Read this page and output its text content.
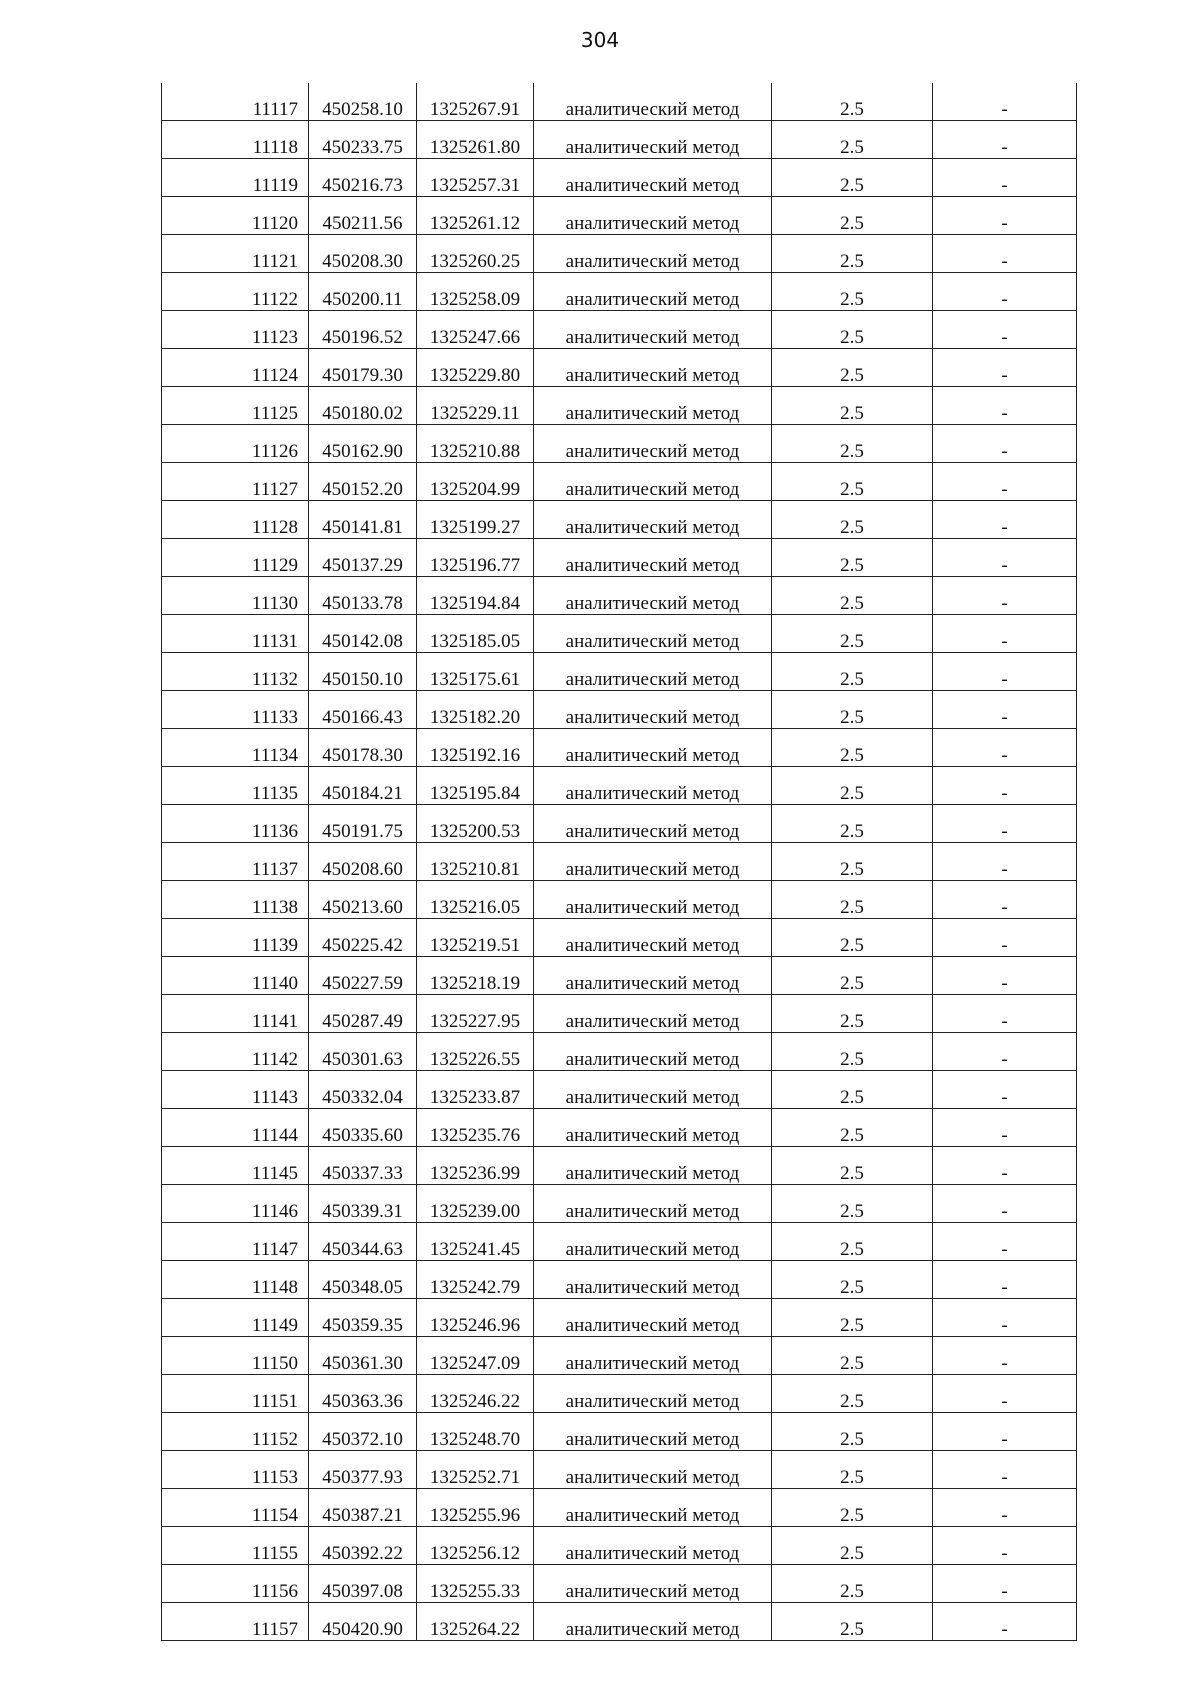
304
11117	450258.10	1325267.91	аналитический метод	2.5	-
11118	450233.75	1325261.80	аналитический метод	2.5	-
11119	450216.73	1325257.31	аналитический метод	2.5	-
11120	450211.56	1325261.12	аналитический метод	2.5	-
11121	450208.30	1325260.25	аналитический метод	2.5	-
11122	450200.11	1325258.09	аналитический метод	2.5	-
11123	450196.52	1325247.66	аналитический метод	2.5	-
11124	450179.30	1325229.80	аналитический метод	2.5	-
11125	450180.02	1325229.11	аналитический метод	2.5	-
11126	450162.90	1325210.88	аналитический метод	2.5	-
11127	450152.20	1325204.99	аналитический метод	2.5	-
11128	450141.81	1325199.27	аналитический метод	2.5	-
11129	450137.29	1325196.77	аналитический метод	2.5	-
11130	450133.78	1325194.84	аналитический метод	2.5	-
11131	450142.08	1325185.05	аналитический метод	2.5	-
11132	450150.10	1325175.61	аналитический метод	2.5	-
11133	450166.43	1325182.20	аналитический метод	2.5	-
11134	450178.30	1325192.16	аналитический метод	2.5	-
11135	450184.21	1325195.84	аналитический метод	2.5	-
11136	450191.75	1325200.53	аналитический метод	2.5	-
11137	450208.60	1325210.81	аналитический метод	2.5	-
11138	450213.60	1325216.05	аналитический метод	2.5	-
11139	450225.42	1325219.51	аналитический метод	2.5	-
11140	450227.59	1325218.19	аналитический метод	2.5	-
11141	450287.49	1325227.95	аналитический метод	2.5	-
11142	450301.63	1325226.55	аналитический метод	2.5	-
11143	450332.04	1325233.87	аналитический метод	2.5	-
11144	450335.60	1325235.76	аналитический метод	2.5	-
11145	450337.33	1325236.99	аналитический метод	2.5	-
11146	450339.31	1325239.00	аналитический метод	2.5	-
11147	450344.63	1325241.45	аналитический метод	2.5	-
11148	450348.05	1325242.79	аналитический метод	2.5	-
11149	450359.35	1325246.96	аналитический метод	2.5	-
11150	450361.30	1325247.09	аналитический метод	2.5	-
11151	450363.36	1325246.22	аналитический метод	2.5	-
11152	450372.10	1325248.70	аналитический метод	2.5	-
11153	450377.93	1325252.71	аналитический метод	2.5	-
11154	450387.21	1325255.96	аналитический метод	2.5	-
11155	450392.22	1325256.12	аналитический метод	2.5	-
11156	450397.08	1325255.33	аналитический метод	2.5	-
11157	450420.90	1325264.22	аналитический метод	2.5	-
